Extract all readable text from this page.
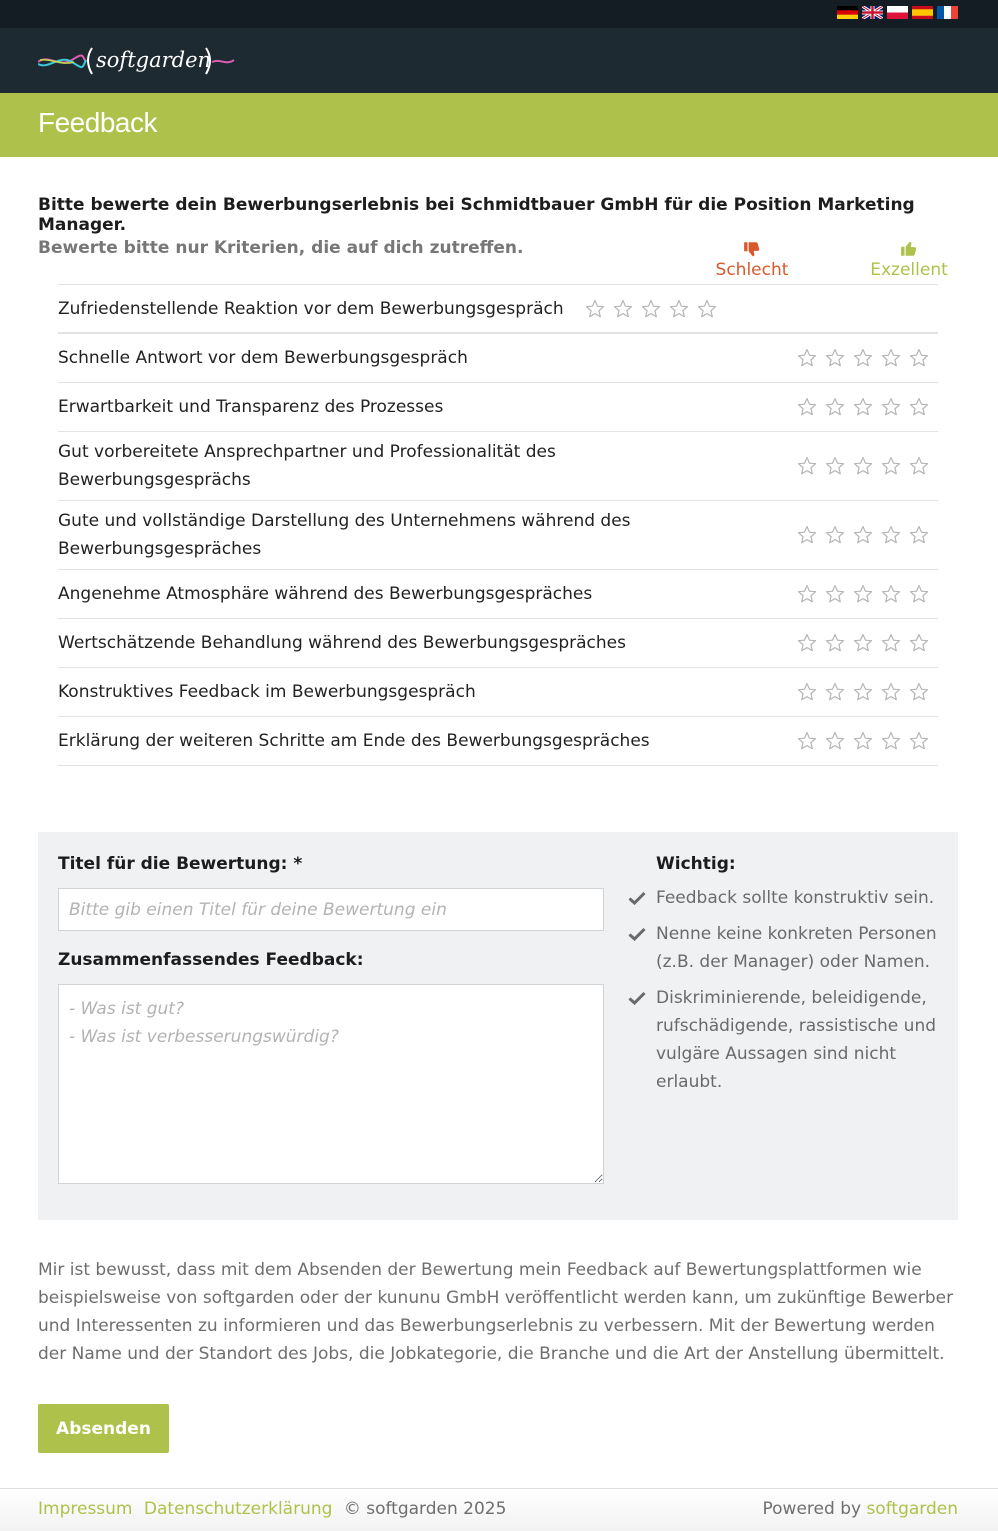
softgarden
Feedback
Bitte bewerte dein Bewerbungserlebnis bei Schmidtbauer GmbH für die Position Marketing Manager.
Bewerte bitte nur Kriterien, die auf dich zutreffen.
Schlecht	Exzellent
Zufriedenstellende Reaktion vor dem Bewerbungsgespräch
Schnelle Antwort vor dem Bewerbungsgespräch
Erwartbarkeit und Transparenz des Prozesses
Gut vorbereitete Ansprechpartner und Professionalität des Bewerbungsgesprächs
Gute und vollständige Darstellung des Unternehmens während des Bewerbungsgespräches
Angenehme Atmosphäre während des Bewerbungsgespräches
Wertschätzende Behandlung während des Bewerbungsgespräches
Konstruktives Feedback im Bewerbungsgespräch
Erklärung der weiteren Schritte am Ende des Bewerbungsgespräches
Titel für die Bewertung: *
Bitte gib einen Titel für deine Bewertung ein
Zusammenfassendes Feedback:
- Was ist gut? - Was ist verbesserungswürdig?
Wichtig:
Feedback sollte konstruktiv sein.
Nenne keine konkreten Personen (z.B. der Manager) oder Namen.
Diskriminierende, beleidigende, rufschädigende, rassistische und vulgäre Aussagen sind nicht erlaubt.
Mir ist bewusst, dass mit dem Absenden der Bewertung mein Feedback auf Bewertungsplattformen wie beispielsweise von softgarden oder der kununu GmbH veröffentlicht werden kann, um zukünftige Bewerber und Interessenten zu informieren und das Bewerbungserlebnis zu verbessern. Mit der Bewertung werden der Name und der Standort des Jobs, die Jobkategorie, die Branche und die Art der Anstellung übermittelt.
Absenden
Impressum Datenschutzerklärung © softgarden 2025	Powered by softgarden
